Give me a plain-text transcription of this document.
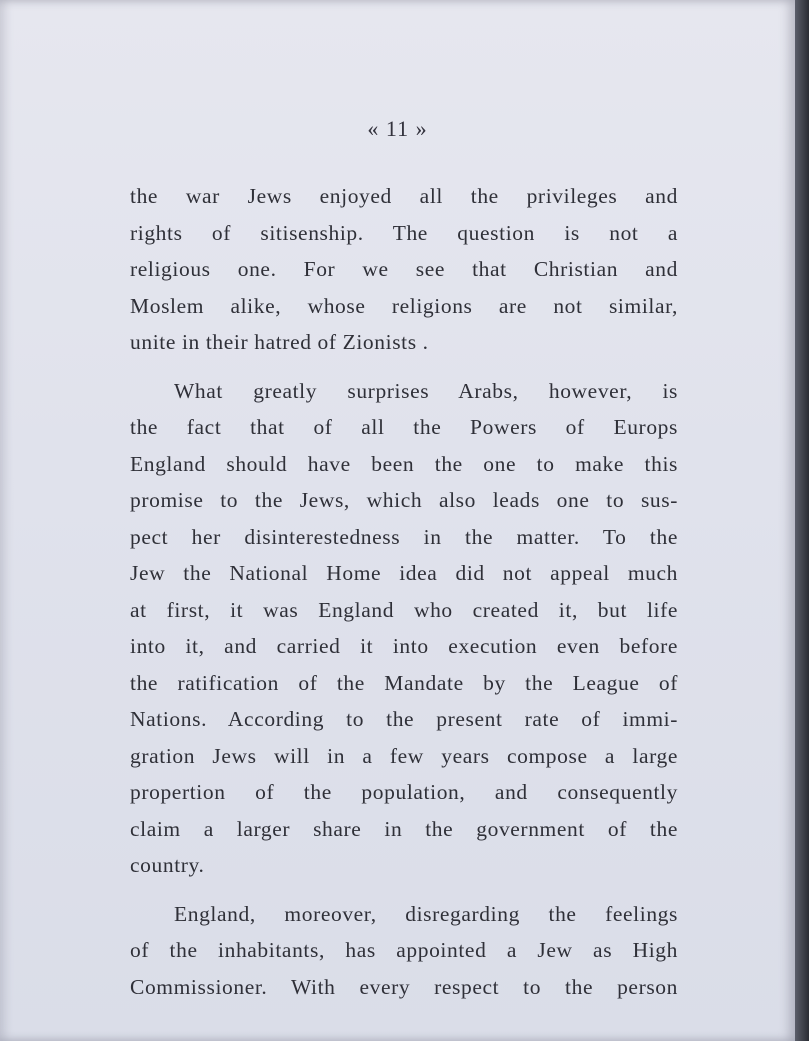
« 11 »
the war Jews enjoyed all the privileges and
rights of sitisenship. The question is not a
religious one. For we see that Christian and
Moslem alike, whose religions are not similar,
unite in their hatred of Zionists .
What greatly surprises Arabs, however, is
the fact that of all the Powers of Europs
England should have been the one to make this
promise to the Jews, which also leads one to sus-
pect her disinterestedness in the matter. To the
Jew the National Home idea did not appeal much
at first, it was England who created it, but life
into it, and carried it into execution even before
the ratification of the Mandate by the League of
Nations. According to the present rate of immi-
gration Jews will in a few years compose a large
propertion of the population, and consequently
claim a larger share in the government of the
country.
England, moreover, disregarding the feelings
of the inhabitants, has appointed a Jew as High
Commissioner. With every respect to the person
